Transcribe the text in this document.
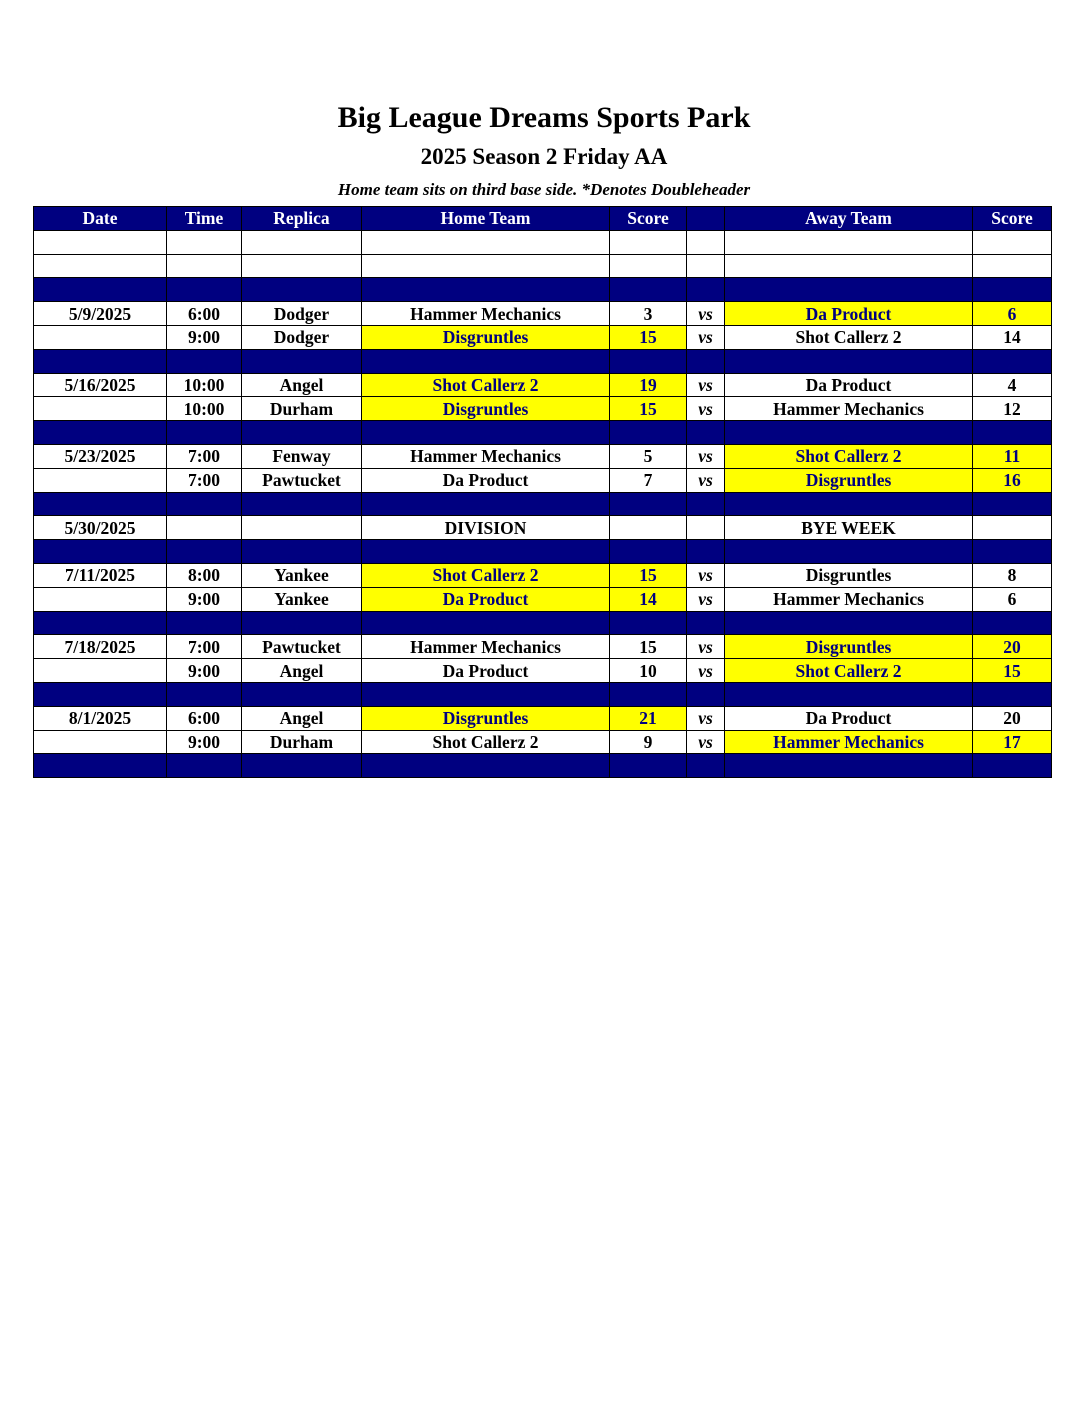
Big League Dreams Sports Park
2025 Season 2 Friday AA
Home team sits on third base side. *Denotes Doubleheader
Date	Time	Replica	Home Team	Score		Away Team	Score

5/9/2025	6:00	Dodger	Hammer Mechanics	3	vs	Da Product	6
	9:00	Dodger	Disgruntles	15	vs	Shot Callerz 2	14

5/16/2025	10:00	Angel	Shot Callerz 2	19	vs	Da Product	4
	10:00	Durham	Disgruntles	15	vs	Hammer Mechanics	12

5/23/2025	7:00	Fenway	Hammer Mechanics	5	vs	Shot Callerz 2	11
	7:00	Pawtucket	Da Product	7	vs	Disgruntles	16

5/30/2025			DIVISION			BYE WEEK	

7/11/2025	8:00	Yankee	Shot Callerz 2	15	vs	Disgruntles	8
	9:00	Yankee	Da Product	14	vs	Hammer Mechanics	6

7/18/2025	7:00	Pawtucket	Hammer Mechanics	15	vs	Disgruntles	20
	9:00	Angel	Da Product	10	vs	Shot Callerz 2	15

8/1/2025	6:00	Angel	Disgruntles	21	vs	Da Product	20
	9:00	Durham	Shot Callerz 2	9	vs	Hammer Mechanics	17
